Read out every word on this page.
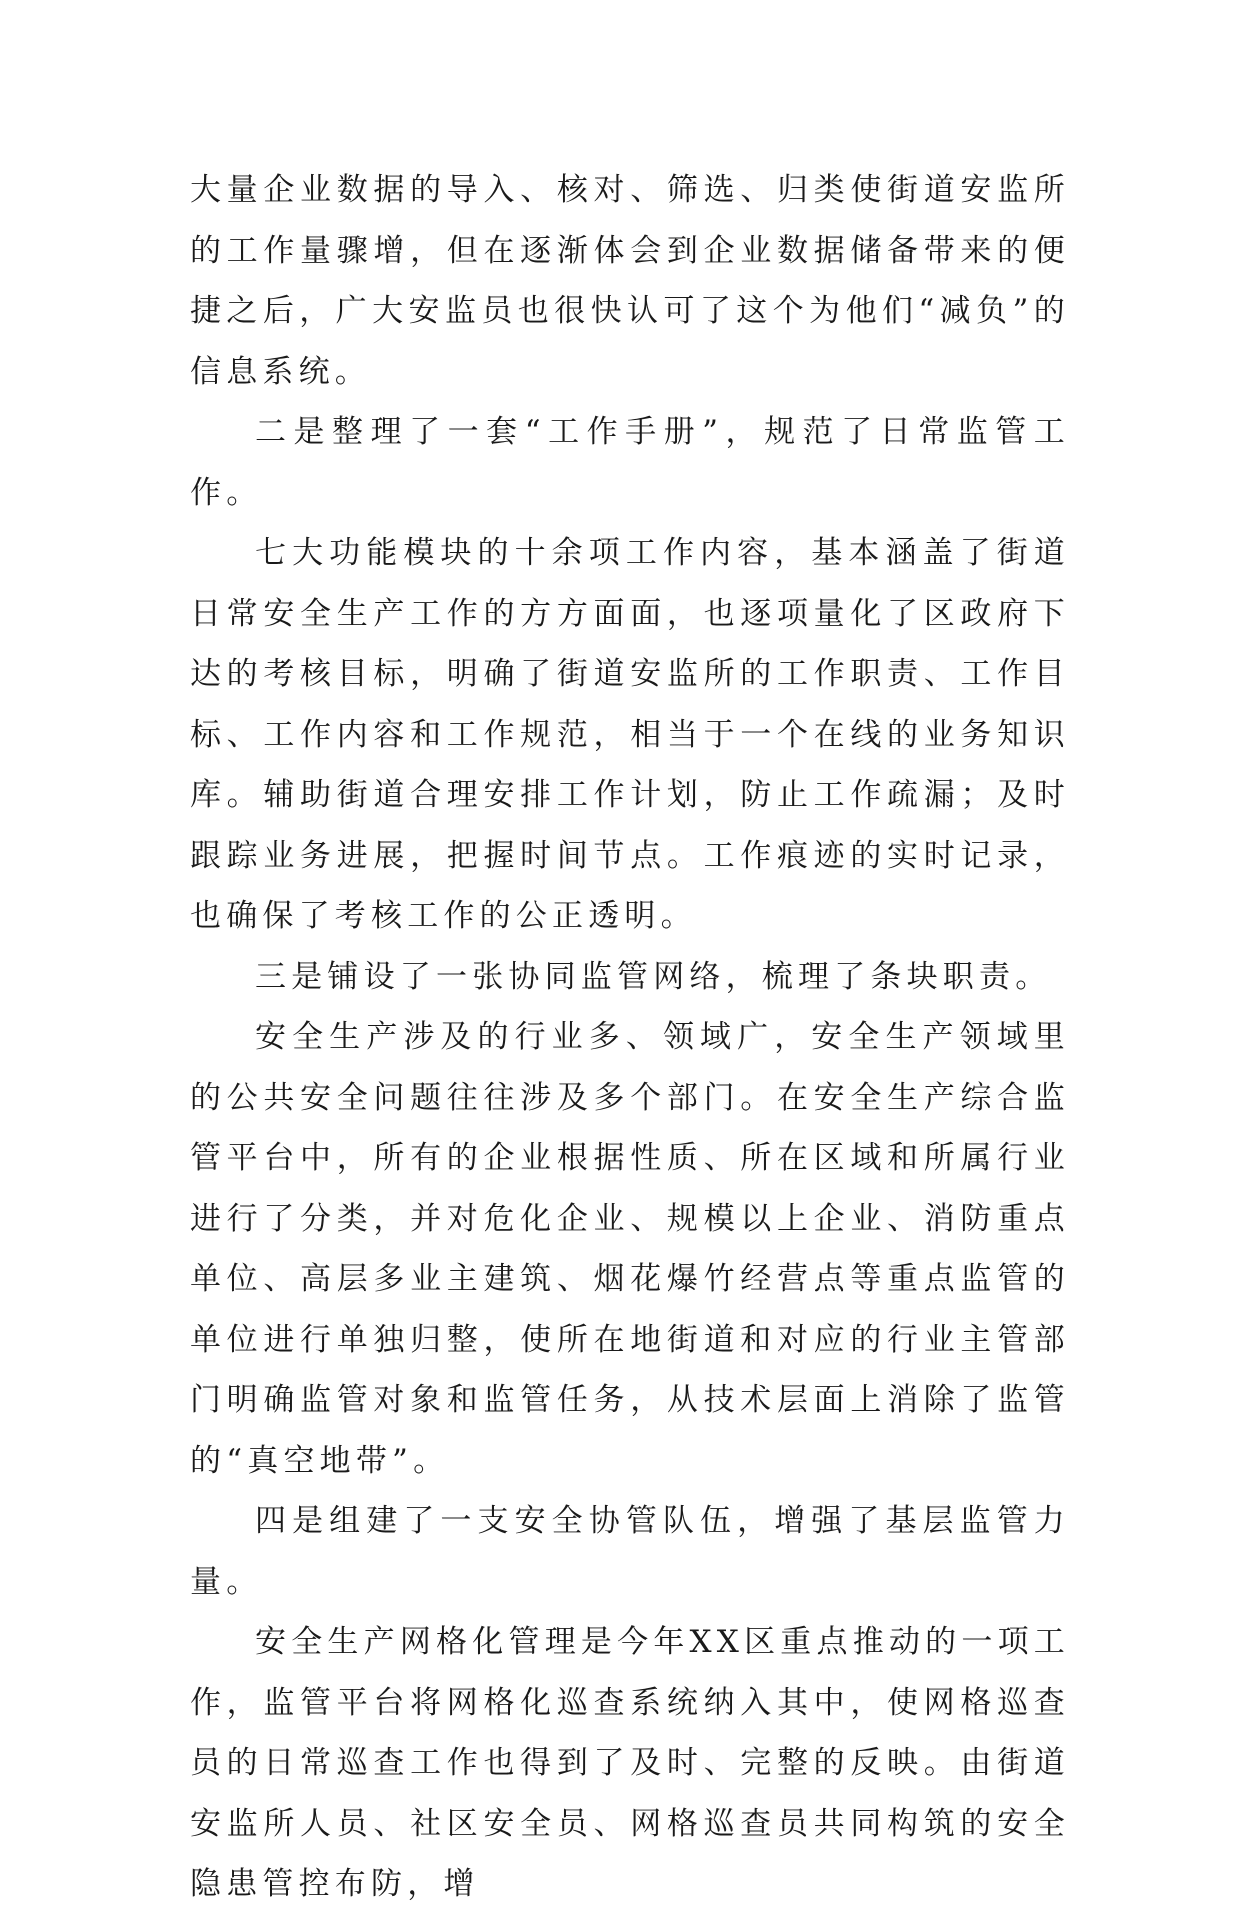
大量企业数据的导入、核对、筛选、归类使街道安监所的工作量骤增，但在逐渐体会到企业数据储备带来的便捷之后，广大安监员也很快认可了这个为他们“减负”的信息系统。

二是整理了一套“工作手册”，规范了日常监管工作。

七大功能模块的十余项工作内容，基本涵盖了街道日常安全生产工作的方方面面，也逐项量化了区政府下达的考核目标，明确了街道安监所的工作职责、工作目标、工作内容和工作规范，相当于一个在线的业务知识库。辅助街道合理安排工作计划，防止工作疏漏；及时跟踪业务进展，把握时间节点。工作痕迹的实时记录，也确保了考核工作的公正透明。

三是铺设了一张协同监管网络，梳理了条块职责。

安全生产涉及的行业多、领域广，安全生产领域里的公共安全问题往往涉及多个部门。在安全生产综合监管平台中，所有的企业根据性质、所在区域和所属行业进行了分类，并对危化企业、规模以上企业、消防重点单位、高层多业主建筑、烟花爆竹经营点等重点监管的单位进行单独归整，使所在地街道和对应的行业主管部门明确监管对象和监管任务，从技术层面上消除了监管的“真空地带”。

四是组建了一支安全协管队伍，增强了基层监管力量。

安全生产网格化管理是今年XX区重点推动的一项工作，监管平台将网格化巡查系统纳入其中，使网格巡查员的日常巡查工作也得到了及时、完整的反映。由街道安监所人员、社区安全员、网格巡查员共同构筑的安全隐患管控布防，增
